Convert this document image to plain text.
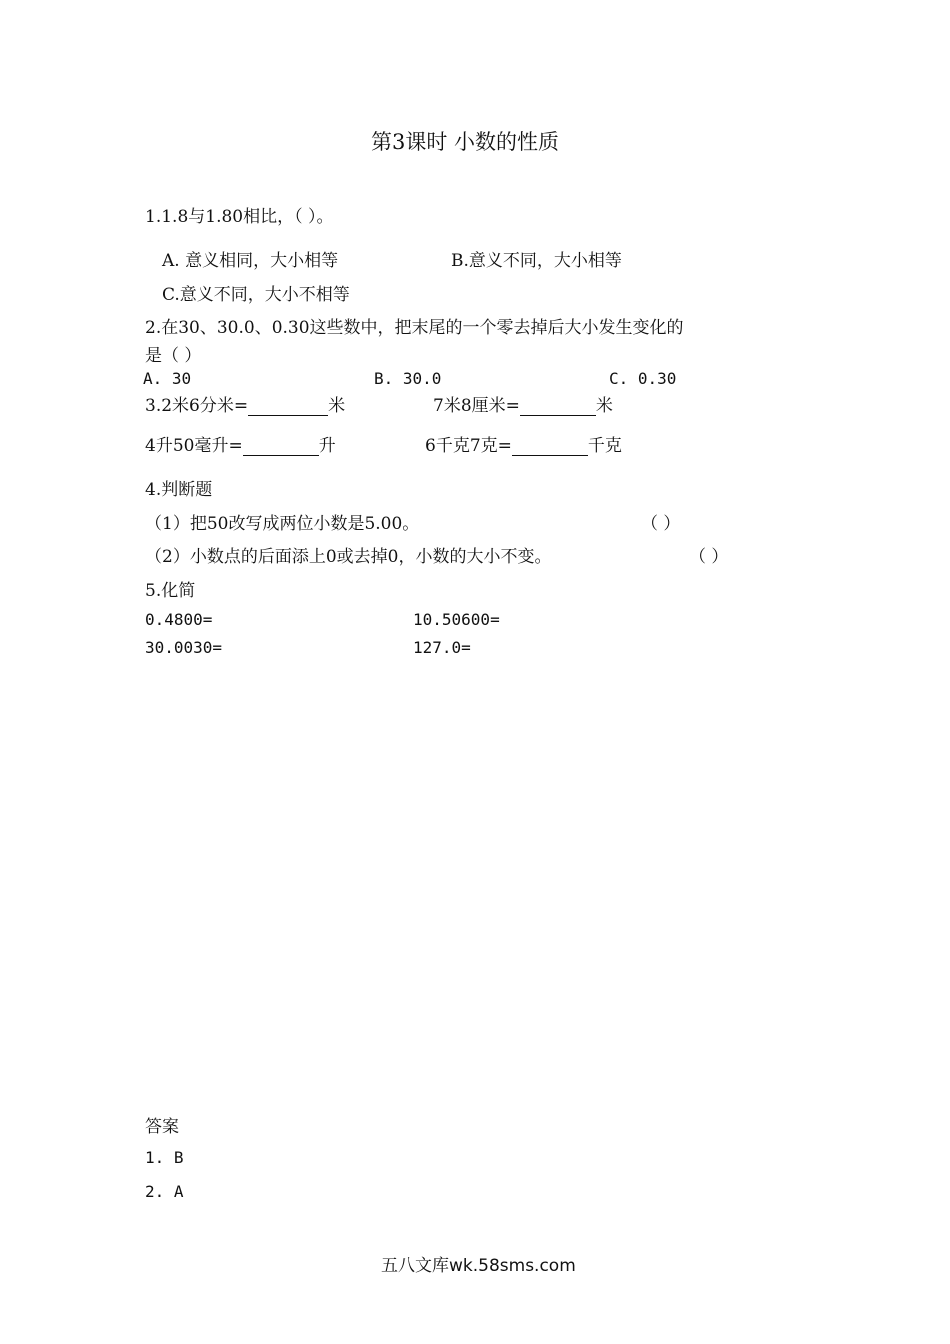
第3课时 小数的性质
1.1.8与1.80相比，（ ）。
A. 意义相同，大小相等	B.意义不同，大小相等
C.意义不同，大小不相等
2.在30、30.0、0.30这些数中，把末尾的一个零去掉后大小发生变化的
是（ ）
A. 30	B. 30.0	C. 0.30
3.2米6分米=	米	7米8厘米=	米
4升50毫升=	升	6千克7克=	千克
4.判断题
（1）把50改写成两位小数是5.00。	（ ）
（2）小数点的后面添上0或去掉0，小数的大小不变。	（ ）
5.化简
0.4800=	10.50600=
30.0030=	127.0=
答案
1. B
2. A
五八文库wk.58sms.com
